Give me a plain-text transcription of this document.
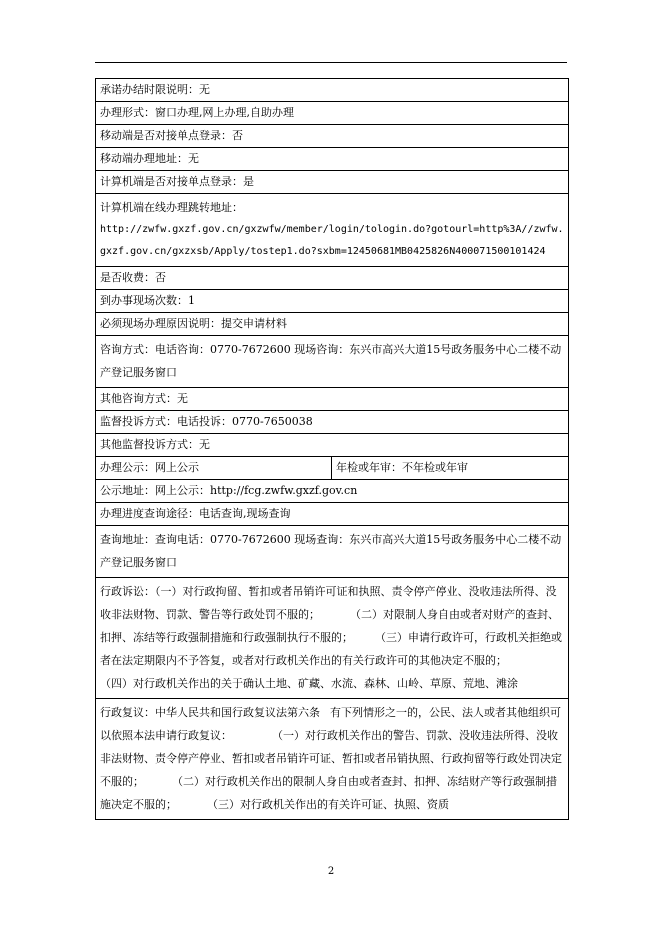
承诺办结时限说明：无
办理形式：窗口办理,网上办理,自助办理
移动端是否对接单点登录：否
移动端办理地址：无
计算机端是否对接单点登录：是

计算机端在线办理跳转地址：
http://zwfw.gxzf.gov.cn/gxzwfw/member/login/tologin.do?gotourl=http%3A//zwfw.gxzf.gov.cn/gxzxsb/Apply/tostep1.do?sxbm=12450681MB0425826N400071500101424

是否收费：否
到办事现场次数：1
必须现场办理原因说明：提交申请材料
咨询方式：电话咨询：0770-7672600 现场咨询：东兴市高兴大道15号政务服务中心二楼不动产登记服务窗口
其他咨询方式：无
监督投诉方式：电话投诉：0770-7650038
其他监督投诉方式：无
办理公示：网上公示	年检或年审：不年检或年审
公示地址：网上公示：http://fcg.zwfw.gxzf.gov.cn
办理进度查询途径：电话查询,现场查询
查询地址：查询电话：0770-7672600 现场查询：东兴市高兴大道15号政务服务中心二楼不动产登记服务窗口
行政诉讼：（一）对行政拘留、暂扣或者吊销许可证和执照、责令停产停业、没收违法所得、没收非法财物、罚款、警告等行政处罚不服的；	（二）对限制人身自由或者对财产的查封、扣押、冻结等行政强制措施和行政强制执行不服的； （三）申请行政许可，行政机关拒绝或者在法定期限内不予答复，或者对行政机关作出的有关行政许可的其他决定不服的；（四）对行政机关作出的关于确认土地、矿藏、水流、森林、山岭、草原、荒地、滩涂
行政复议：中华人民共和国行政复议法第六条 有下列情形之一的，公民、法人或者其他组织可以依照本法申请行政复议：	（一）对行政机关作出的警告、罚款、没收违法所得、没收非法财物、责令停产停业、暂扣或者吊销许可证、暂扣或者吊销执照、行政拘留等行政处罚决定不服的；	（二）对行政机关作出的限制人身自由或者查封、扣押、冻结财产等行政强制措施决定不服的；	（三）对行政机关作出的有关许可证、执照、资质
2
